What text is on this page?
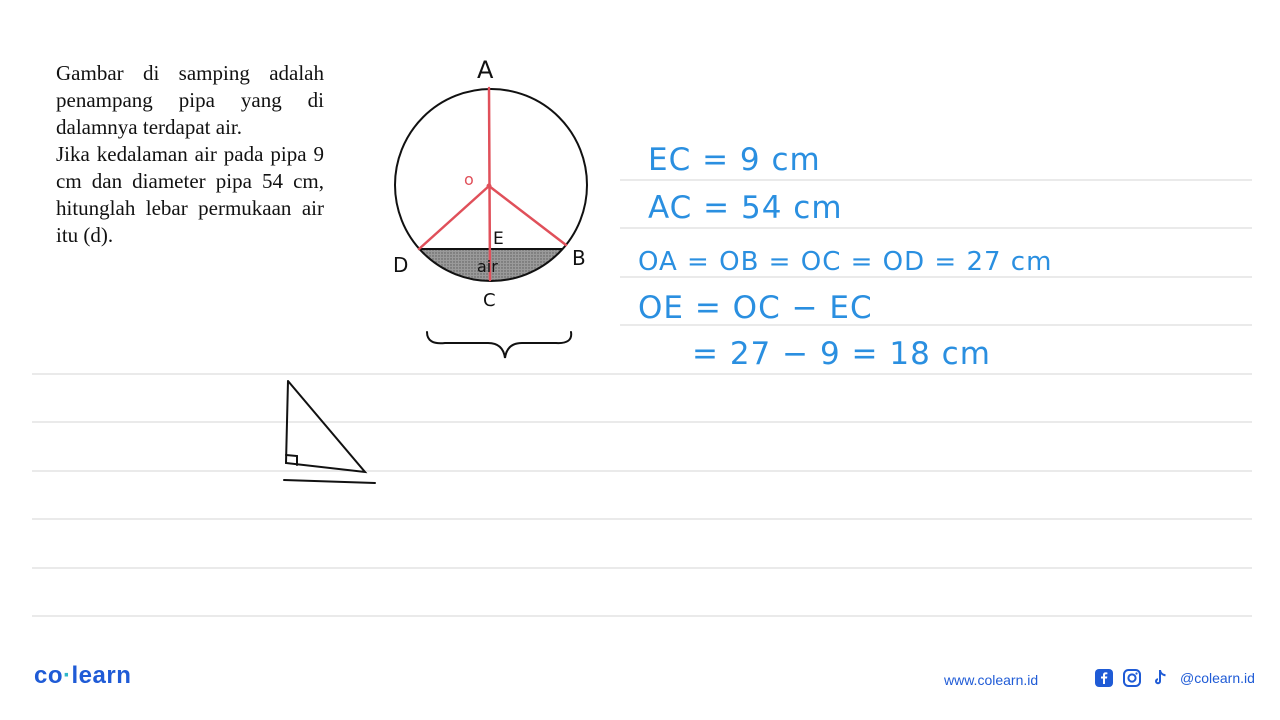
Gambar di samping adalah penampang pipa yang di dalamnya terdapat air.

Jika kedalaman air pada pipa 9 cm dan diameter pipa 54 cm, hitunglah lebar permukaan air itu (d).

A
B
C
D
E
air
o
EC = 9 cm
AC = 54 cm
OA = OB = OC = OD = 27 cm
OE = OC − EC
= 27 − 9 = 18 cm
co·learn	www.colearn.id	@colearn.id
